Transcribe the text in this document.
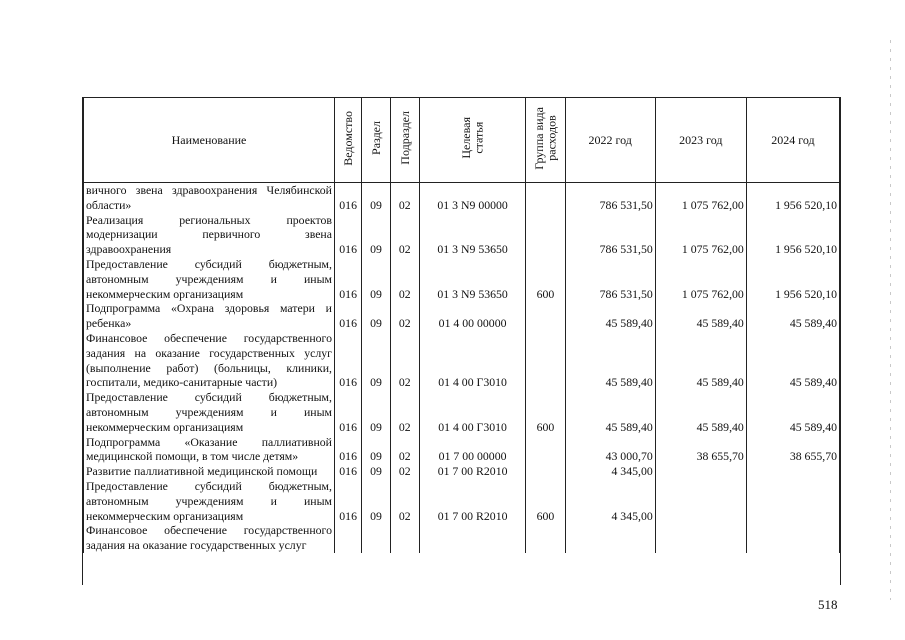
Наименование	Ведомство	Раздел	Подраздел	Целевая
статья	Группа вида
расходов	2022 год	2023 год	2024 год
вичного звена здравоохранения Челябинской области»	016	09	02	01 3 N9 00000		786 531,50	1 075 762,00	1 956 520,10
Реализация региональных проектов модернизации первичного звена здравоохранения	016	09	02	01 3 N9 53650		786 531,50	1 075 762,00	1 956 520,10
Предоставление субсидий бюджетным, автономным учреждениям и иным некоммерческим организациям	016	09	02	01 3 N9 53650	600	786 531,50	1 075 762,00	1 956 520,10
Подпрограмма «Охрана здоровья матери и ребенка»	016	09	02	01 4 00 00000		45 589,40	45 589,40	45 589,40
Финансовое обеспечение государственного задания на оказание государственных услуг (выполнение работ) (больницы, клиники, госпитали, медико-санитарные части)	016	09	02	01 4 00 Г3010		45 589,40	45 589,40	45 589,40
Предоставление субсидий бюджетным, автономным учреждениям и иным некоммерческим организациям	016	09	02	01 4 00 Г3010	600	45 589,40	45 589,40	45 589,40
Подпрограмма «Оказание паллиативной медицинской помощи, в том числе детям»	016	09	02	01 7 00 00000		43 000,70	38 655,70	38 655,70
Развитие паллиативной медицинской помощи	016	09	02	01 7 00 R2010		4 345,00		
Предоставление субсидий бюджетным, автономным учреждениям и иным некоммерческим организациям	016	09	02	01 7 00 R2010	600	4 345,00		
Финансовое обеспечение государственного задания на оказание государственных услуг								
518
